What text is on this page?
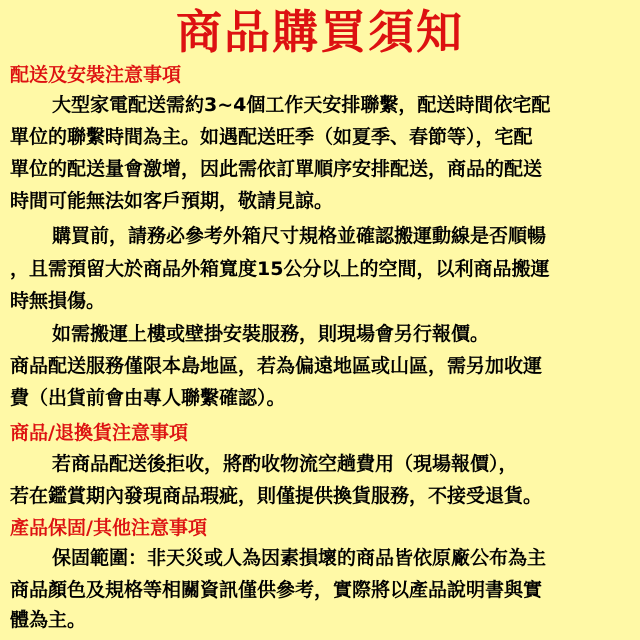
商品購買須知
配送及安裝注意事項
大型家電配送需約3~4個工作天安排聯繫，配送時間依宅配
單位的聯繫時間為主。如遇配送旺季（如夏季、春節等），宅配
單位的配送量會激增，因此需依訂單順序安排配送，商品的配送
時間可能無法如客戶預期，敬請見諒。
購買前，請務必參考外箱尺寸規格並確認搬運動線是否順暢
，且需預留大於商品外箱寬度15公分以上的空間，以利商品搬運
時無損傷。
如需搬運上樓或壁掛安裝服務，則現場會另行報價。
商品配送服務僅限本島地區，若為偏遠地區或山區，需另加收運
費（出貨前會由專人聯繫確認）。
商品/退換貨注意事項
若商品配送後拒收，將酌收物流空趟費用（現場報價），
若在鑑賞期內發現商品瑕疵，則僅提供換貨服務，不接受退貨。
產品保固/其他注意事項
保固範圍：非天災或人為因素損壞的商品皆依原廠公布為主
商品顏色及規格等相關資訊僅供參考，實際將以產品說明書與實
體為主。
